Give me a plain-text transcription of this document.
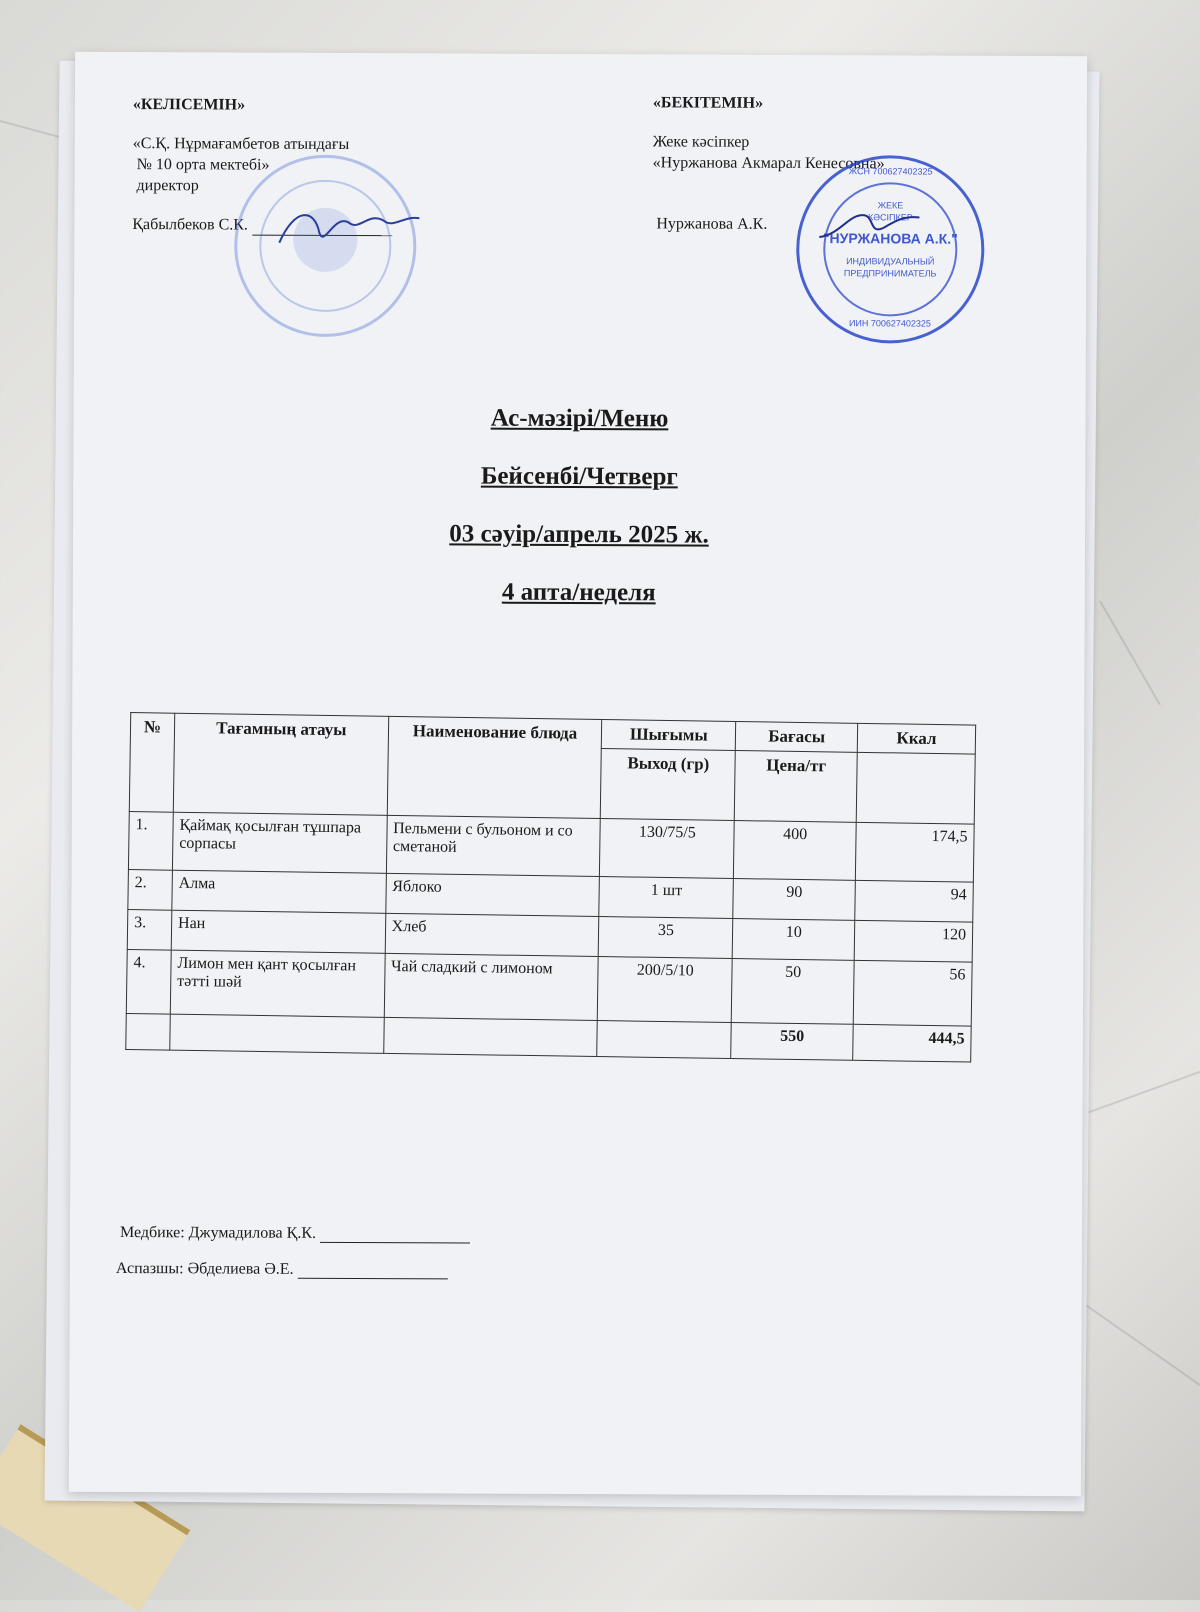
«КЕЛІСЕМІН»
«С.Қ. Нұрмағамбетов атындағы
№ 10 орта мектебі»
директор
Қабылбеков С.К.
«БЕКІТЕМІН»
Жеке кәсіпкер
«Нуржанова Акмарал Кенесовна»
Нуржанова А.К.
ЖСН 700627402325
ЖЕКЕ
КӘСІПКЕР
"НУРЖАНОВА А.К."
ИНДИВИДУАЛЬНЫЙ
ПРЕДПРИНИМАТЕЛЬ
ИИН 700627402325
Ас-мәзірі/Меню
Бейсенбі/Четверг
03 сәуір/апрель 2025 ж.
4 апта/неделя
№	Тағамның атауы	Наименование блюда	Шығымы	Бағасы	Ккал
			Выход (гр)	Цена/тг	
1.	Қаймақ қосылған тұшпара сорпасы	Пельмени с бульоном и со сметаной	130/75/5	400	174,5
2.	Алма	Яблоко	1 шт	90	94
3.	Нан	Хлеб	35	10	120
4.	Лимон мен қант қосылған тәтті шәй	Чай сладкий с лимоном	200/5/10	50	56
				550	444,5
Медбике: Джумадилова Қ.К.
Аспазшы: Әбделиева Ә.Е.
